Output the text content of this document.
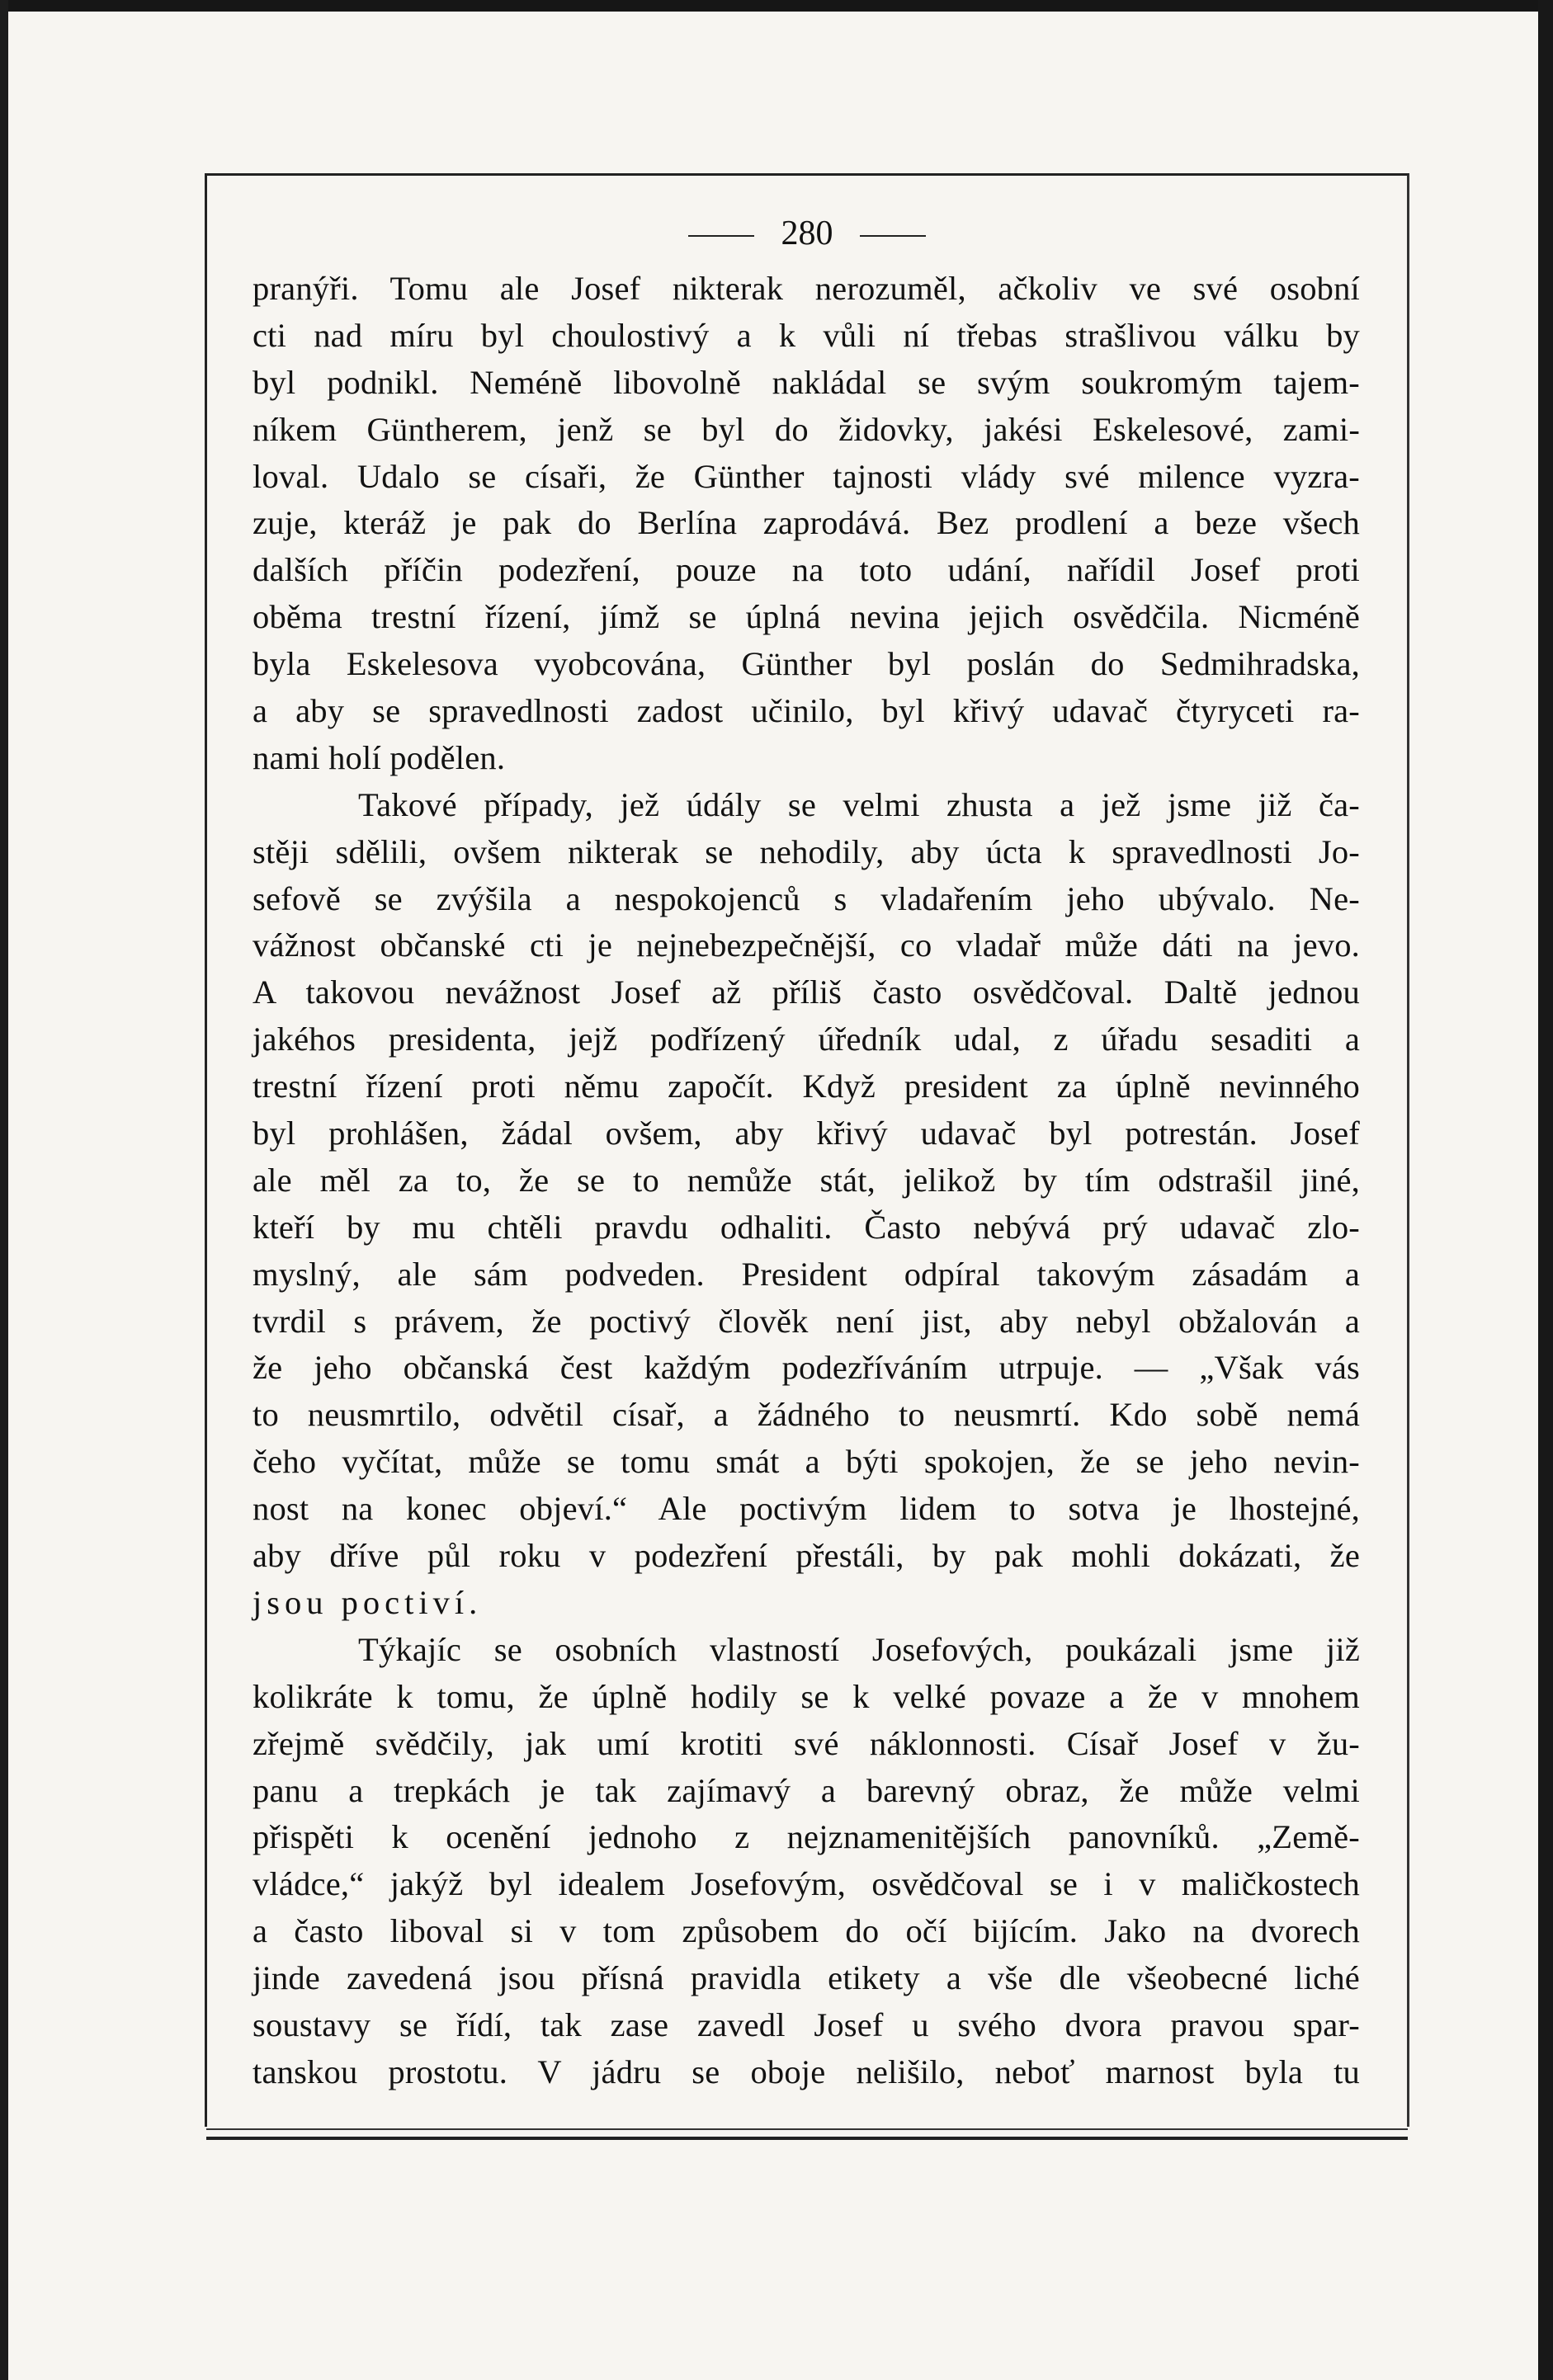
280
pranýři. Tomu ale Josef nikterak nerozuměl, ačkoliv ve své osobní
cti nad míru byl choulostivý a k vůli ní třebas strašlivou válku by
byl podnikl. Neméně libovolně nakládal se svým soukromým tajem-
níkem Güntherem, jenž se byl do židovky, jakési Eskelesové, zami-
loval. Udalo se císaři, že Günther tajnosti vlády své milence vyzra-
zuje, kteráž je pak do Berlína zaprodává. Bez prodlení a beze všech
dalších příčin podezření, pouze na toto udání, nařídil Josef proti
oběma trestní řízení, jímž se úplná nevina jejich osvědčila. Nicméně
byla Eskelesova vyobcována, Günther byl poslán do Sedmihradska,
a aby se spravedlnosti zadost učinilo, byl křivý udavač čtyryceti ra-
nami holí podělen.
Takové případy, jež údály se velmi zhusta a jež jsme již ča-
stěji sdělili, ovšem nikterak se nehodily, aby úcta k spravedlnosti Jo-
sefově se zvýšila a nespokojenců s vladařením jeho ubývalo. Ne-
vážnost občanské cti je nejnebezpečnější, co vladař může dáti na jevo.
A takovou nevážnost Josef až příliš často osvědčoval. Daltě jednou
jakéhos presidenta, jejž podřízený úředník udal, z úřadu sesaditi a
trestní řízení proti němu započít. Když president za úplně nevinného
byl prohlášen, žádal ovšem, aby křivý udavač byl potrestán. Josef
ale měl za to, že se to nemůže stát, jelikož by tím odstrašil jiné,
kteří by mu chtěli pravdu odhaliti. Často nebývá prý udavač zlo-
myslný, ale sám podveden. President odpíral takovým zásadám a
tvrdil s právem, že poctivý člověk není jist, aby nebyl obžalován a
že jeho občanská čest každým podezříváním utrpuje. — „Však vás
to neusmrtilo, odvětil císař, a žádného to neusmrtí. Kdo sobě nemá
čeho vyčítat, může se tomu smát a býti spokojen, že se jeho nevin-
nost na konec objeví.“ Ale poctivým lidem to sotva je lhostejné,
aby dříve půl roku v podezření přestáli, by pak mohli dokázati, že
jsou poctiví.
Týkajíc se osobních vlastností Josefových, poukázali jsme již
kolikráte k tomu, že úplně hodily se k velké povaze a že v mnohem
zřejmě svědčily, jak umí krotiti své náklonnosti. Císař Josef v žu-
panu a trepkách je tak zajímavý a barevný obraz, že může velmi
přispěti k ocenění jednoho z nejznamenitějších panovníků. „Země-
vládce,“ jakýž byl idealem Josefovým, osvědčoval se i v maličkostech
a často liboval si v tom způsobem do očí bijícím. Jako na dvorech
jinde zavedená jsou přísná pravidla etikety a vše dle všeobecné liché
soustavy se řídí, tak zase zavedl Josef u svého dvora pravou spar-
tanskou prostotu. V jádru se oboje nelišilo, neboť marnost byla tu
